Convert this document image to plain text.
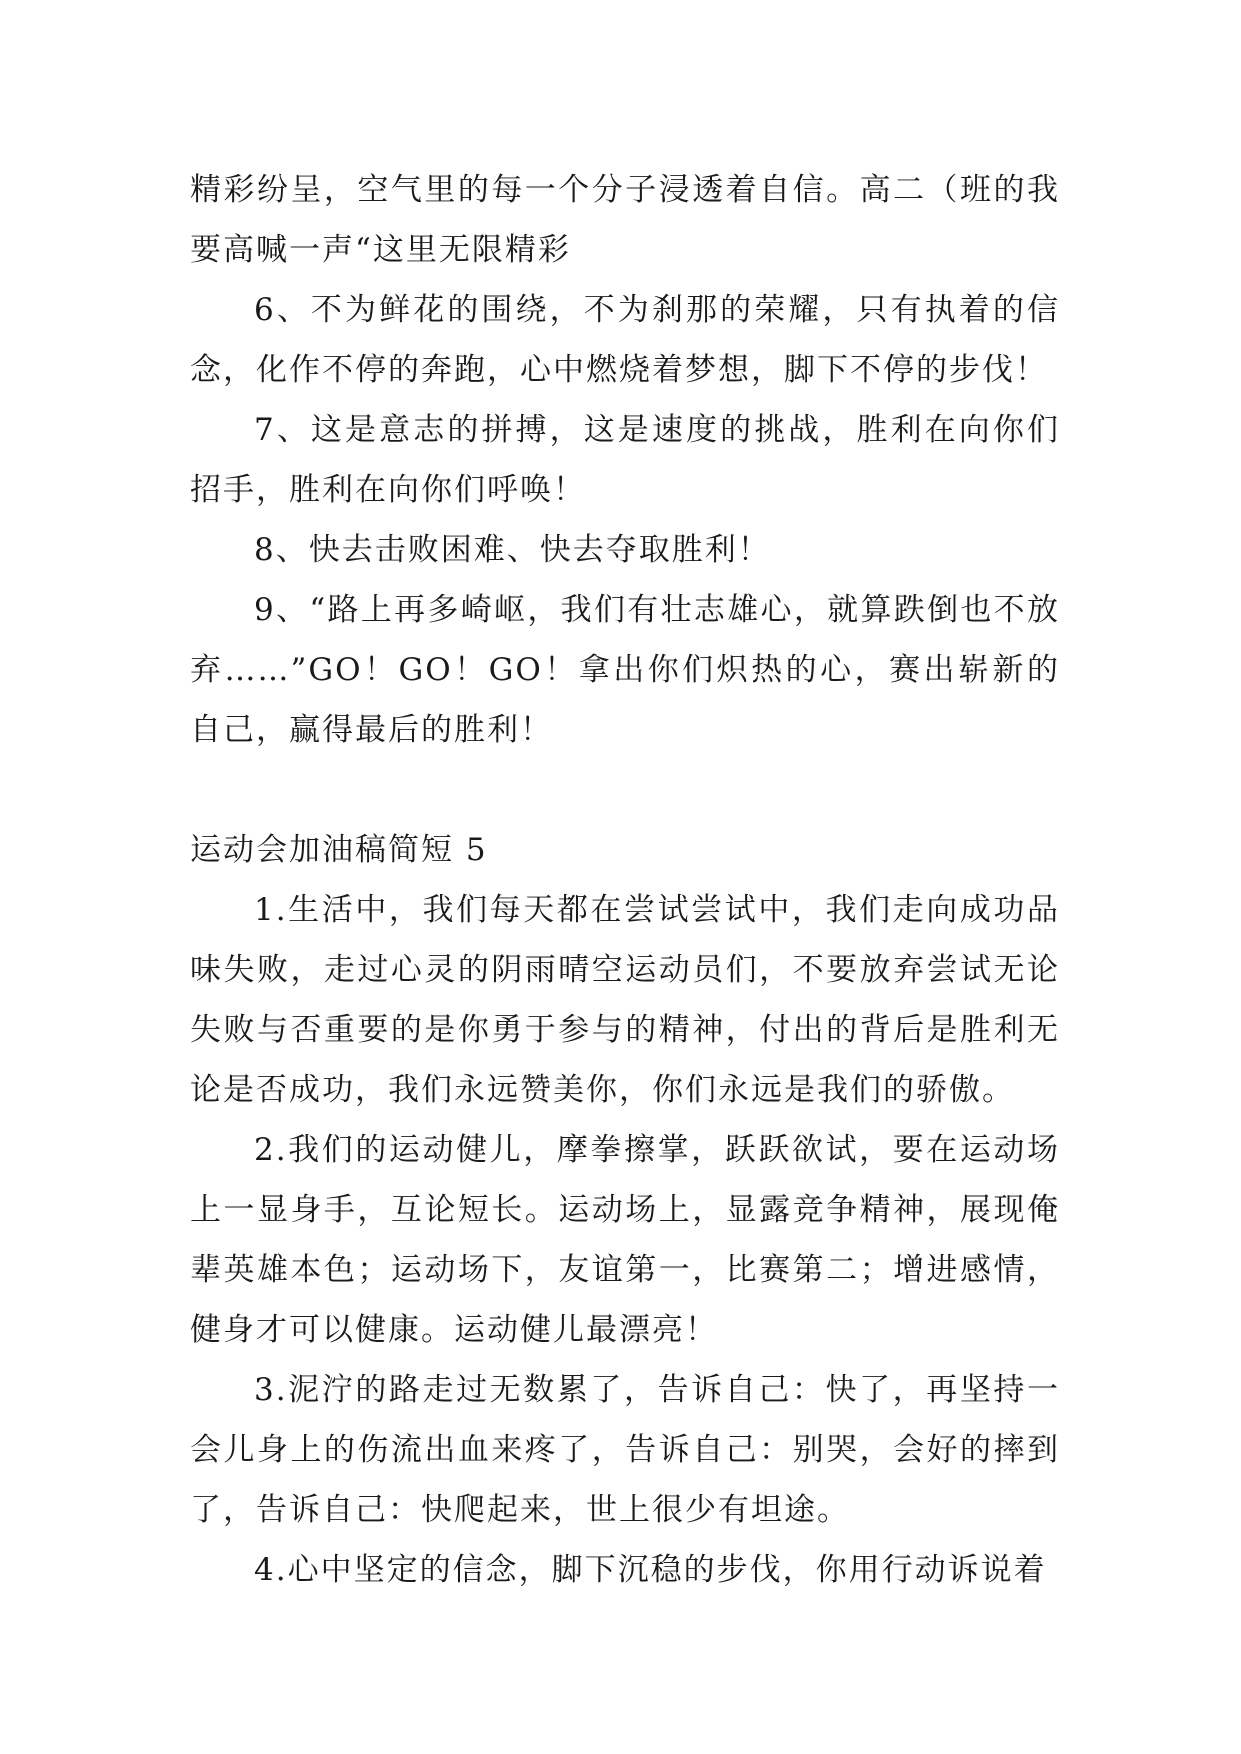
精彩纷呈，空气里的每一个分子浸透着自信。高二（班的我要高喊一声“这里无限精彩

6、不为鲜花的围绕，不为刹那的荣耀，只有执着的信念，化作不停的奔跑，心中燃烧着梦想，脚下不停的步伐！

7、这是意志的拼搏，这是速度的挑战，胜利在向你们招手，胜利在向你们呼唤！

8、快去击败困难、快去夺取胜利！

9、“路上再多崎岖，我们有壮志雄心，就算跌倒也不放弃……”GO！GO！GO！拿出你们炽热的心，赛出崭新的自己，赢得最后的胜利！

运动会加油稿简短 5

1.生活中，我们每天都在尝试尝试中，我们走向成功品味失败，走过心灵的阴雨晴空运动员们，不要放弃尝试无论失败与否重要的是你勇于参与的精神，付出的背后是胜利无论是否成功，我们永远赞美你，你们永远是我们的骄傲。

2.我们的运动健儿，摩拳擦掌，跃跃欲试，要在运动场上一显身手，互论短长。运动场上，显露竞争精神，展现俺辈英雄本色；运动场下，友谊第一，比赛第二；增进感情，健身才可以健康。运动健儿最漂亮！

3.泥泞的路走过无数累了，告诉自己：快了，再坚持一会儿身上的伤流出血来疼了，告诉自己：别哭，会好的摔到了，告诉自己：快爬起来，世上很少有坦途。

4.心中坚定的信念，脚下沉稳的步伐，你用行动诉说着
